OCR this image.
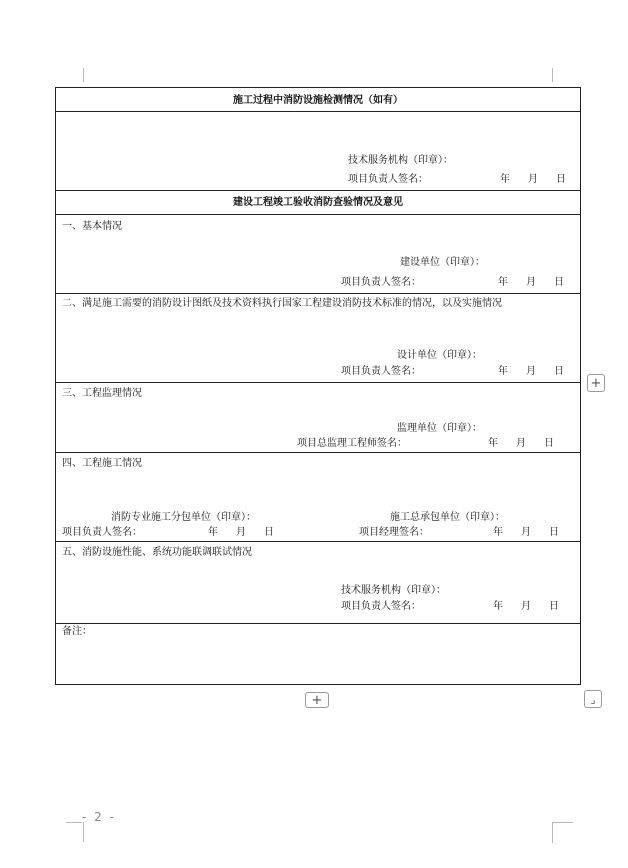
施工过程中消防设施检测情况（如有）
技术服务机构（印章）：
项目负责人签名：	年 月 日
建设工程竣工验收消防查验情况及意见
一、基本情况
建设单位（印章）：
项目负责人签名：	年 月 日
二、满足施工需要的消防设计图纸及技术资料执行国家工程建设消防技术标准的情况，以及实施情况
设计单位（印章）：
项目负责人签名：	年 月 日
三、工程监理情况
监理单位（印章）：
项目总监理工程师签名：	年 月 日
四、工程施工情况
消防专业施工分包单位（印章）：
项目负责人签名：	年 月 日
施工总承包单位（印章）：
项目经理签名：	年 月 日
五、消防设施性能、系统功能联调联试情况
技术服务机构（印章）：
项目负责人签名：	年 月 日
备注：
+
+	⌟
- 2 -
